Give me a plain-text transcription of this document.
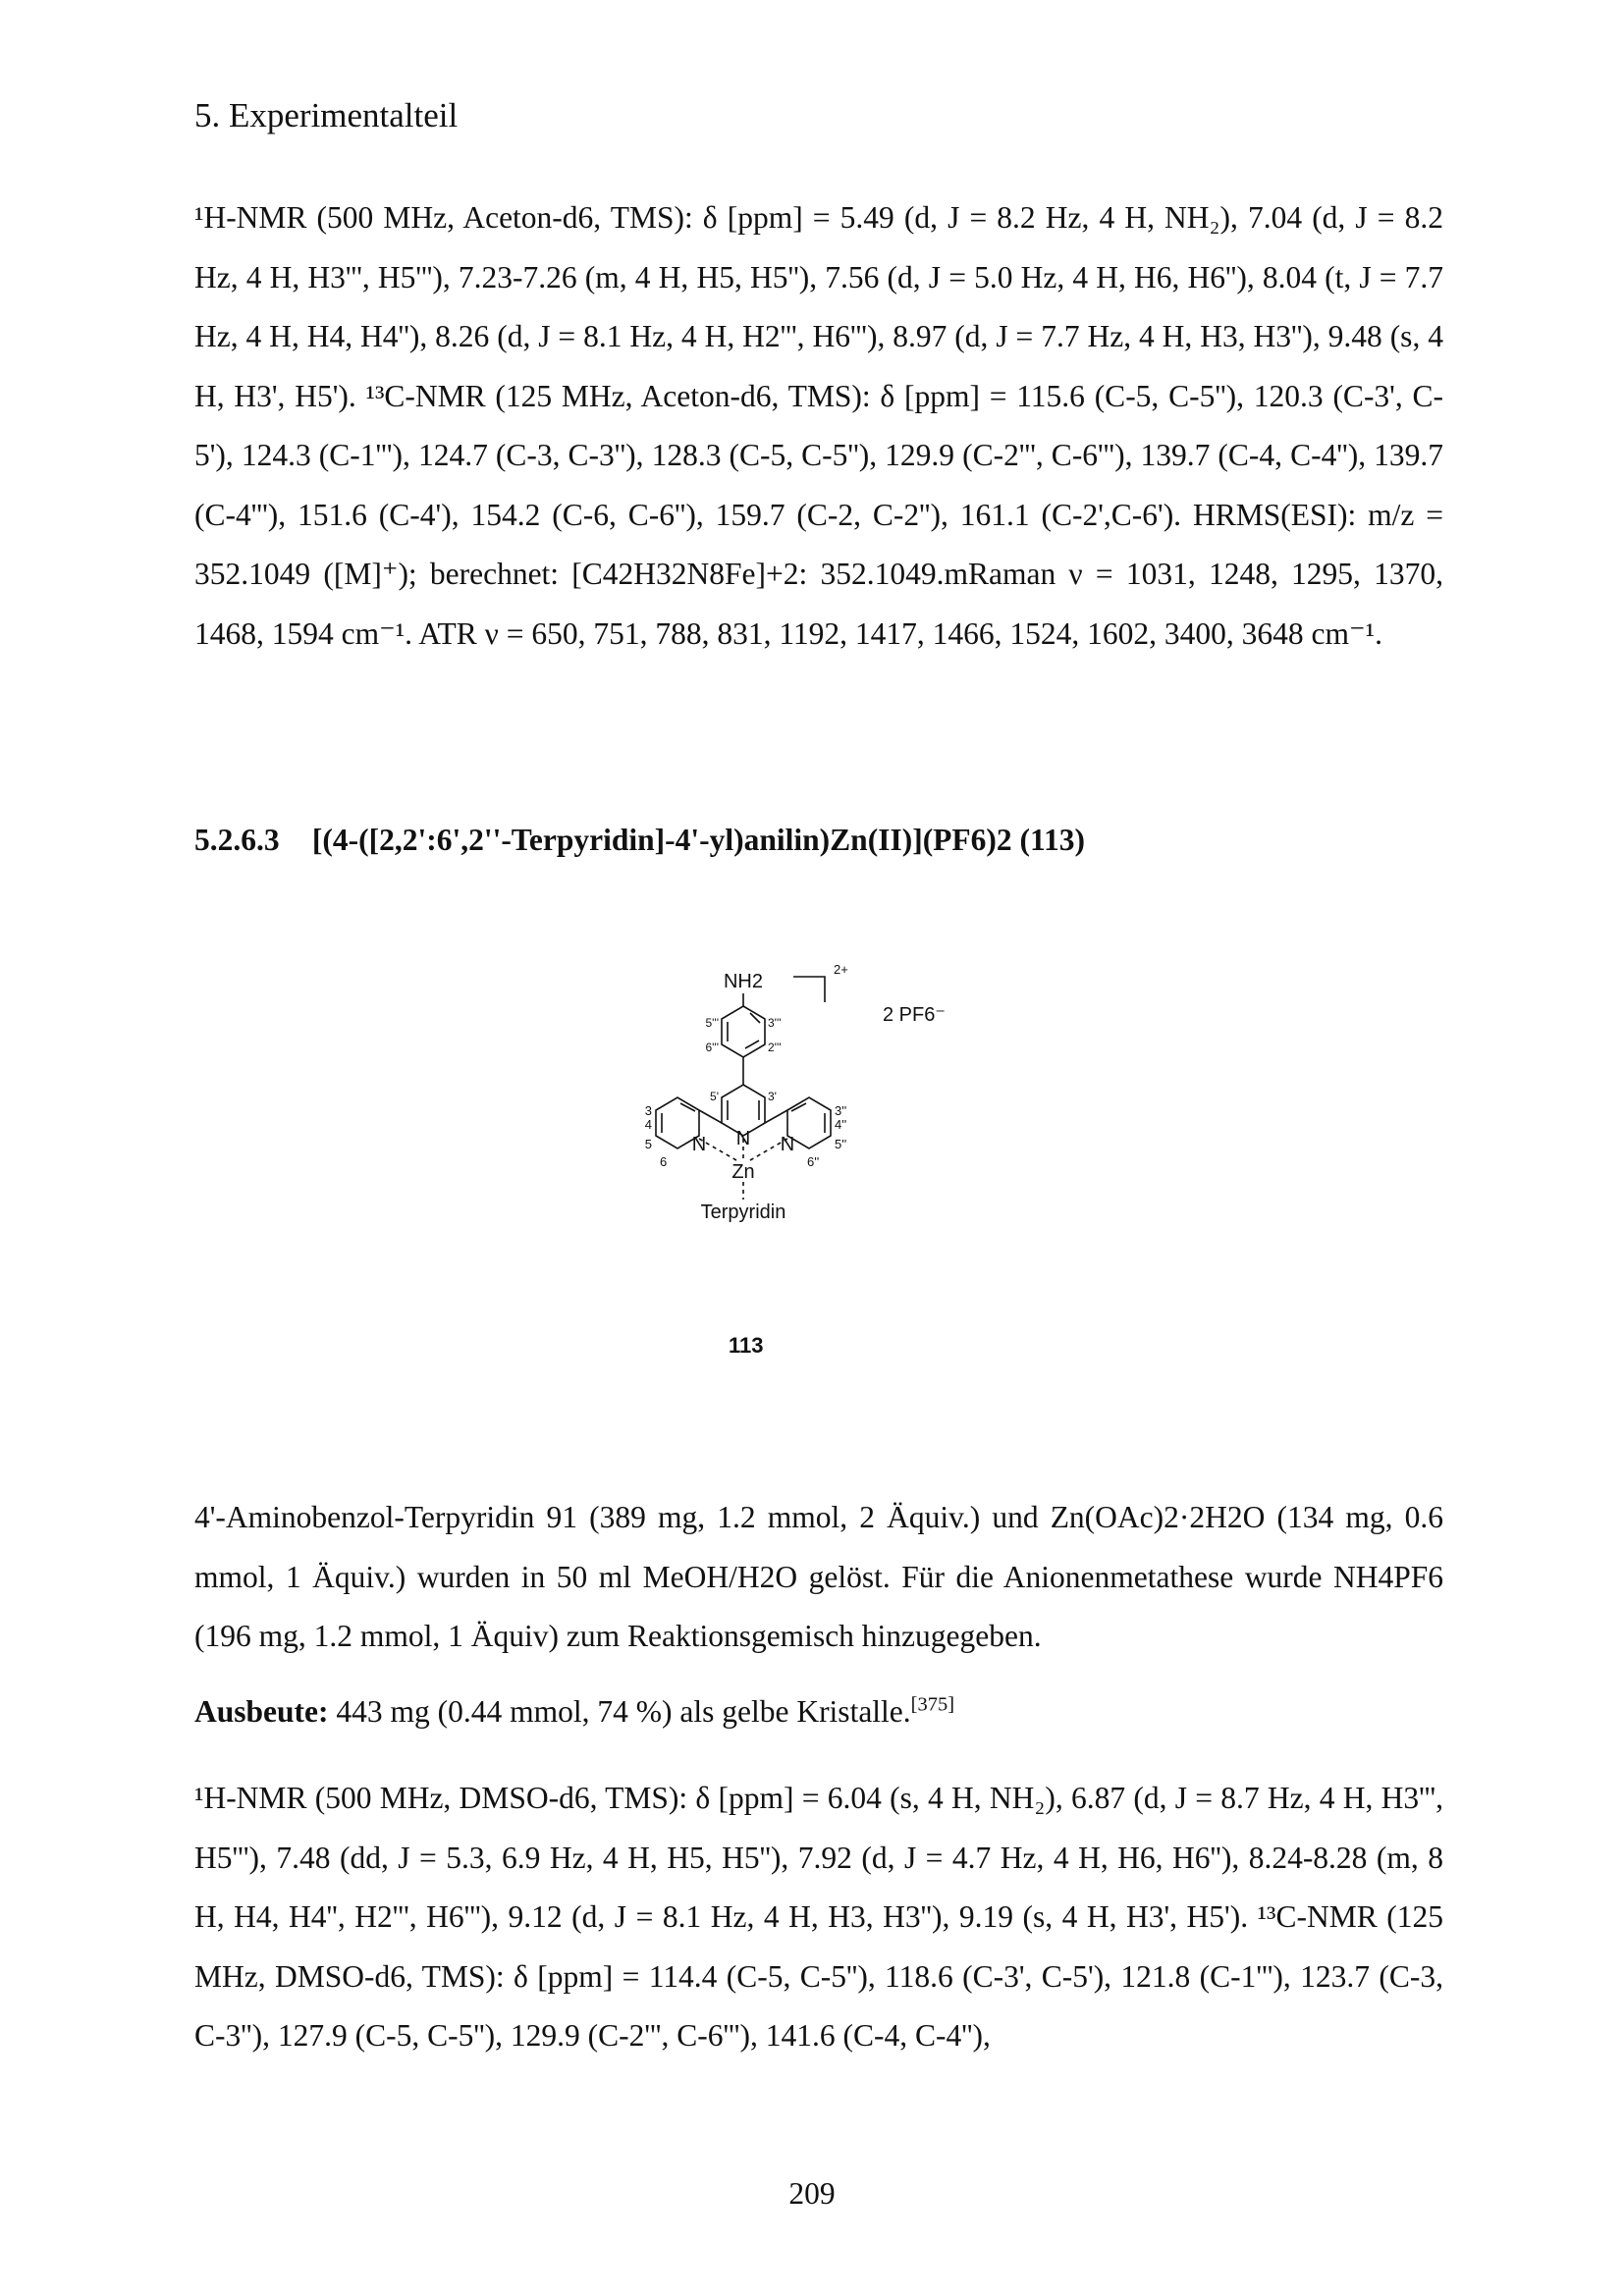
5. Experimentalteil
¹H-NMR (500 MHz, Aceton-d6, TMS): δ [ppm] = 5.49 (d, J = 8.2 Hz, 4 H, NH₂), 7.04 (d, J = 8.2 Hz, 4 H, H3''', H5'''), 7.23-7.26 (m, 4 H, H5, H5''), 7.56 (d, J = 5.0 Hz, 4 H, H6, H6''), 8.04 (t, J = 7.7 Hz, 4 H, H4, H4''), 8.26 (d, J = 8.1 Hz, 4 H, H2''', H6'''), 8.97 (d, J = 7.7 Hz, 4 H, H3, H3''), 9.48 (s, 4 H, H3', H5'). ¹³C-NMR (125 MHz, Aceton-d6, TMS): δ [ppm] = 115.6 (C-5, C-5''), 120.3 (C-3', C-5'), 124.3 (C-1'''), 124.7 (C-3, C-3''), 128.3 (C-5, C-5''), 129.9 (C-2''', C-6'''), 139.7 (C-4, C-4''), 139.7 (C-4'''), 151.6 (C-4'), 154.2 (C-6, C-6''), 159.7 (C-2, C-2''), 161.1 (C-2',C-6'). HRMS(ESI): m/z = 352.1049 ([M]⁺); berechnet: [C42H32N8Fe]+2: 352.1049.mRaman ν = 1031, 1248, 1295, 1370, 1468, 1594 cm⁻¹. ATR ν = 650, 751, 788, 831, 1192, 1417, 1466, 1524, 1602, 3400, 3648 cm⁻¹.
5.2.6.3 [(4-([2,2':6',2''-Terpyridin]-4'-yl)anilin)Zn(II)](PF6)2 (113)
NH2
2+
2 PF6⁻
5'''	3'''
6'''	2'''
5'	3'
3	3''
4	4''
5	5''
6	6''
N
N	N
Zn
Terpyridin
113
4'-Aminobenzol-Terpyridin 91 (389 mg, 1.2 mmol, 2 Äquiv.) und Zn(OAc)2·2H2O (134 mg, 0.6 mmol, 1 Äquiv.) wurden in 50 ml MeOH/H2O gelöst. Für die Anionenmetathese wurde NH4PF6 (196 mg, 1.2 mmol, 1 Äquiv) zum Reaktionsgemisch hinzugegeben.
Ausbeute: 443 mg (0.44 mmol, 74 %) als gelbe Kristalle.[375]
¹H-NMR (500 MHz, DMSO-d6, TMS): δ [ppm] = 6.04 (s, 4 H, NH₂), 6.87 (d, J = 8.7 Hz, 4 H, H3''', H5'''), 7.48 (dd, J = 5.3, 6.9 Hz, 4 H, H5, H5''), 7.92 (d, J = 4.7 Hz, 4 H, H6, H6''), 8.24-8.28 (m, 8 H, H4, H4'', H2''', H6'''), 9.12 (d, J = 8.1 Hz, 4 H, H3, H3''), 9.19 (s, 4 H, H3', H5'). ¹³C-NMR (125 MHz, DMSO-d6, TMS): δ [ppm] = 114.4 (C-5, C-5''), 118.6 (C-3', C-5'), 121.8 (C-1'''), 123.7 (C-3, C-3''), 127.9 (C-5, C-5''), 129.9 (C-2''', C-6'''), 141.6 (C-4, C-4''),
209
